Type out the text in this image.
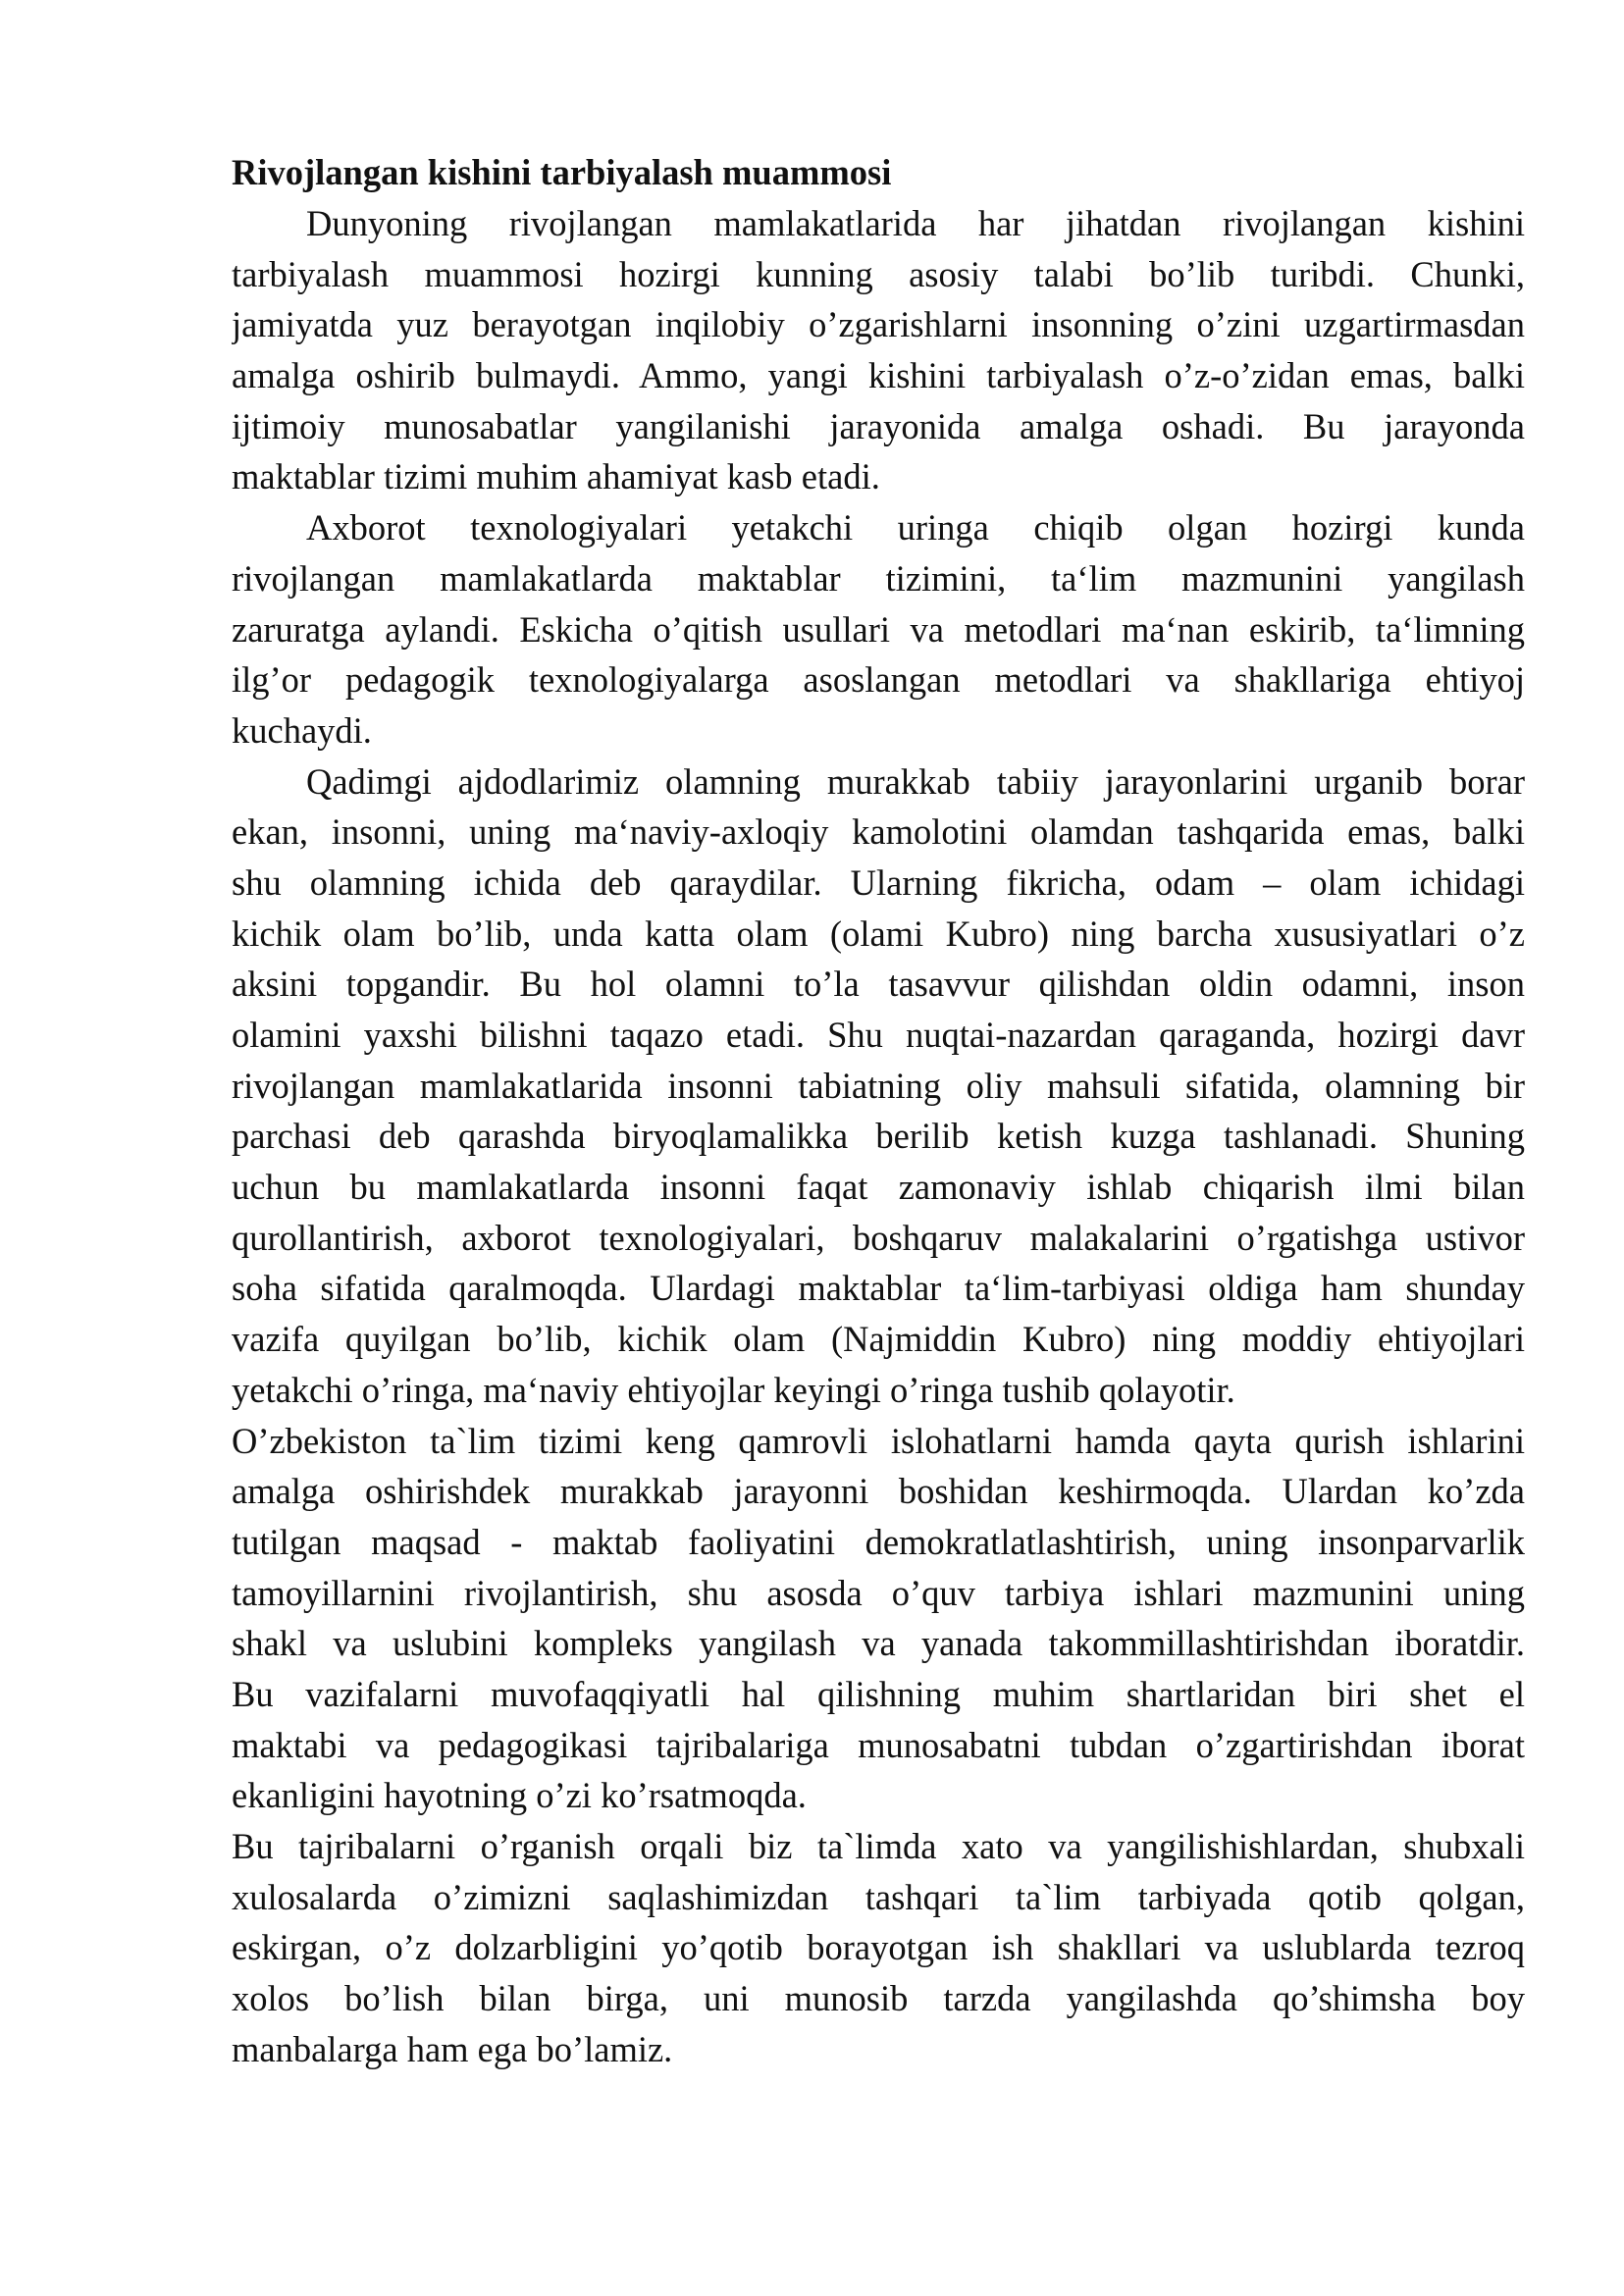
Rivojlangan kishini tarbiyalash muammosi
Dunyoning rivojlangan mamlakatlarida har jihatdan rivojlangan kishini
tarbiyalash muammosi hozirgi kunning asosiy talabi bo’lib turibdi. Chunki,
jamiyatda yuz berayotgan inqilobiy o’zgarishlarni insonning o’zini uzgartirmasdan
amalga oshirib bulmaydi. Ammo, yangi kishini tarbiyalash o’z-o’zidan emas, balki
ijtimoiy munosabatlar yangilanishi jarayonida amalga oshadi. Bu jarayonda
maktablar tizimi muhim ahamiyat kasb etadi.
Axborot texnologiyalari yetakchi uringa chiqib olgan hozirgi kunda
rivojlangan mamlakatlarda maktablar tizimini, ta‘lim mazmunini yangilash
zaruratga aylandi. Eskicha o’qitish usullari va metodlari ma‘nan eskirib, ta‘limning
ilg’or pedagogik texnologiyalarga asoslangan metodlari va shakllariga ehtiyoj
kuchaydi.
Qadimgi ajdodlarimiz olamning murakkab tabiiy jarayonlarini urganib borar
ekan, insonni, uning ma‘naviy-axloqiy kamolotini olamdan tashqarida emas, balki
shu olamning ichida deb qaraydilar. Ularning fikricha, odam – olam ichidagi
kichik olam bo’lib, unda katta olam (olami Kubro) ning barcha xususiyatlari o’z
aksini topgandir. Bu hol olamni to’la tasavvur qilishdan oldin odamni, inson
olamini yaxshi bilishni taqazo etadi. Shu nuqtai-nazardan qaraganda, hozirgi davr
rivojlangan mamlakatlarida insonni tabiatning oliy mahsuli sifatida, olamning bir
parchasi deb qarashda biryoqlamalikka berilib ketish kuzga tashlanadi. Shuning
uchun bu mamlakatlarda insonni faqat zamonaviy ishlab chiqarish ilmi bilan
qurollantirish, axborot texnologiyalari, boshqaruv malakalarini o’rgatishga ustivor
soha sifatida qaralmoqda. Ulardagi maktablar ta‘lim-tarbiyasi oldiga ham shunday
vazifa quyilgan bo’lib, kichik olam (Najmiddin Kubro) ning moddiy ehtiyojlari
yetakchi o’ringa, ma‘naviy ehtiyojlar keyingi o’ringa tushib qolayotir.
O’zbekiston ta`lim tizimi keng qamrovli islohatlarni hamda qayta qurish ishlarini
amalga oshirishdek murakkab jarayonni boshidan keshirmoqda. Ulardan ko’zda
tutilgan maqsad - maktab faoliyatini demokratlatlashtirish, uning insonparvarlik
tamoyillarnini rivojlantirish, shu asosda o’quv tarbiya ishlari mazmunini uning
shakl va uslubini kompleks yangilash va yanada takommillashtirishdan iboratdir.
Bu vazifalarni muvofaqqiyatli hal qilishning muhim shartlaridan biri shet el
maktabi va pedagogikasi tajribalariga munosabatni tubdan o’zgartirishdan iborat
ekanligini hayotning o’zi ko’rsatmoqda.
Bu tajribalarni o’rganish orqali biz ta`limda xato va yangilishishlardan, shubxali
xulosalarda o’zimizni saqlashimizdan tashqari ta`lim tarbiyada qotib qolgan,
eskirgan, o’z dolzarbligini yo’qotib borayotgan ish shakllari va uslublarda tezroq
xolos bo’lish bilan birga, uni munosib tarzda yangilashda qo’shimsha boy
manbalarga ham ega bo’lamiz.
